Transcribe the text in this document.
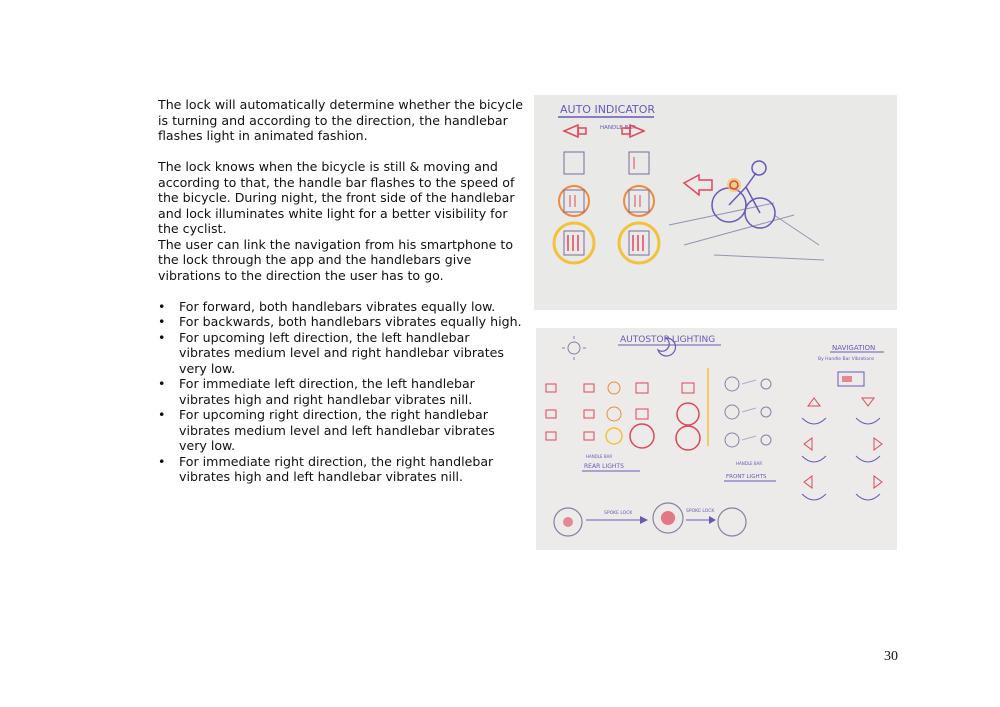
The lock will automatically determine whether the bicycle is turning and according to the direction, the handlebar flashes light in animated fashion.

The lock knows when the bicycle is still & moving and according to that, the handle bar flashes to the speed of the bicycle. During night, the front side of the handlebar and lock illuminates white light for a better visibility for the cyclist.

The user can link the navigation from his smartphone to the lock through the app and the handlebars give vibrations to the direction the user has to go.

• For forward, both handlebars vibrates equally low.
• For backwards, both handlebars vibrates equally high.
• For upcoming left direction, the left handlebar vibrates medium level and right handlebar vibrates very low.
• For immediate left direction, the left handlebar vibrates high and right handlebar vibrates nill.
• For upcoming right direction, the right handlebar vibrates medium level and left handlebar vibrates very low.
• For immediate right direction, the right handlebar vibrates high and left handlebar vibrates nill.
AUTO INDICATOR
HANDLE BAR
AUTOSTOP LIGHTING
NAVIGATION
By Handle Bar Vibrations
HANDLE BAR
REAR LIGHTS	HANDLE BAR
FRONT LIGHTS
SPOKE LOCK	SPOKE LOCK
30
